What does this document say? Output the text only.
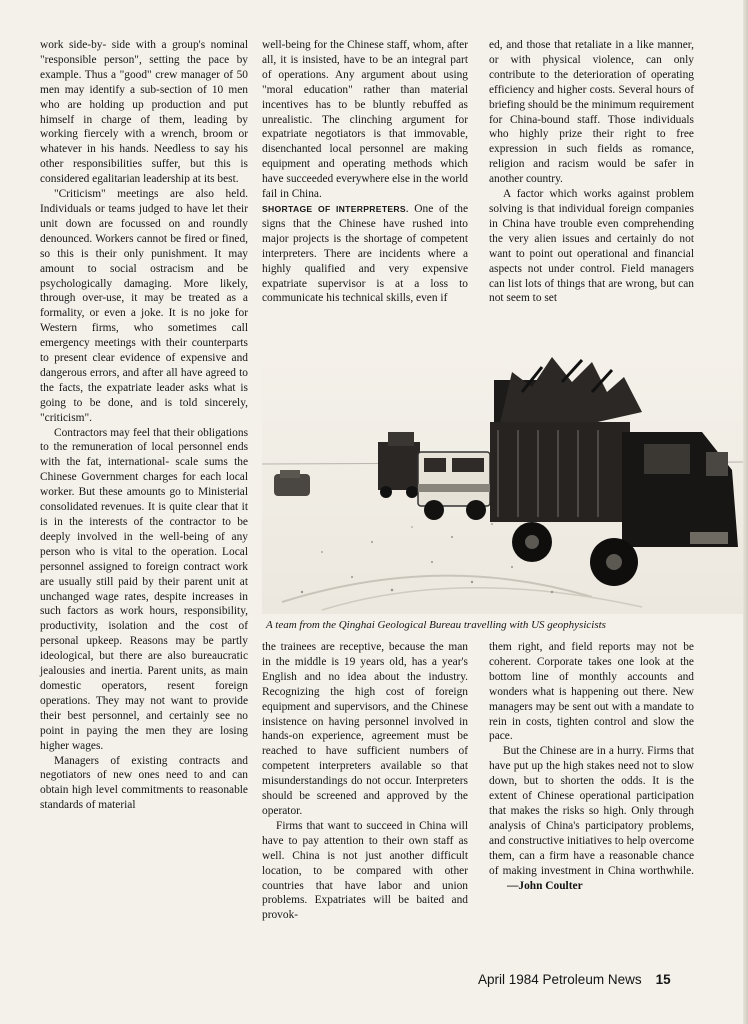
work side-by- side with a group's nominal "responsible person", setting the pace by example. Thus a "good" crew manager of 50 men may identify a sub-section of 10 men who are holding up production and put himself in charge of them, leading by working fiercely with a wrench, broom or whatever in his hands. Needless to say his other responsibilities suffer, but this is considered egalitarian leadership at its best.

"Criticism" meetings are also held. Individuals or teams judged to have let their unit down are focussed on and roundly denounced. Workers cannot be fired or fined, so this is their only punishment. It may amount to social ostracism and be psychologically damaging. More likely, through over-use, it may be treated as a formality, or even a joke. It is no joke for Western firms, who sometimes call emergency meetings with their counterparts to present clear evidence of expensive and dangerous errors, and after all have agreed to the facts, the expatriate leader asks what is going to be done, and is told sincerely, "criticism".

Contractors may feel that their obligations to the remuneration of local personnel ends with the fat, international- scale sums the Chinese Government charges for each local worker. But these amounts go to Ministerial consolidated revenues. It is quite clear that it is in the interests of the contractor to be deeply involved in the well-being of any person who is vital to the operation. Local personnel assigned to foreign contract work are usually still paid by their parent unit at unchanged wage rates, despite increases in such factors as work hours, responsibility, productivity, isolation and the cost of personal upkeep. Reasons may be partly ideological, but there are also bureaucratic jealousies and inertia. Parent units, as main domestic operators, resent foreign operations. They may not want to provide their best personnel, and certainly see no point in paying the men they are losing higher wages.

Managers of existing contracts and negotiators of new ones need to and can obtain high level commitments to reasonable standards of material

well-being for the Chinese staff, whom, after all, it is insisted, have to be an integral part of operations. Any argument about using "moral education" rather than material incentives has to be bluntly rebuffed as unrealistic. The clinching argument for expatriate negotiators is that immovable, disenchanted local personnel are making equipment and operating methods which have succeeded everywhere else in the world fail in China.

SHORTAGE OF INTERPRETERS. One of the signs that the Chinese have rushed into major projects is the shortage of competent interpreters. There are incidents where a highly qualified and very expensive expatriate supervisor is at a loss to communicate his technical skills, even if

ed, and those that retaliate in a like manner, or with physical violence, can only contribute to the deterioration of operating efficiency and higher costs. Several hours of briefing should be the minimum requirement for China-bound staff. Those individuals who highly prize their right to free expression in such fields as romance, religion and racism would be safer in another country.

A factor which works against problem solving is that individual foreign companies in China have trouble even comprehending the very alien issues and certainly do not want to point out operational and financial aspects not under control. Field managers can list lots of things that are wrong, but can not seem to set

A team from the Qinghai Geological Bureau travelling with US geophysicists

the trainees are receptive, because the man in the middle is 19 years old, has a year's English and no idea about the industry. Recognizing the high cost of foreign equipment and supervisors, and the Chinese insistence on having personnel involved in hands-on experience, agreement must be reached to have sufficient numbers of competent interpreters available so that misunderstandings do not occur. Interpreters should be screened and approved by the operator.

Firms that want to succeed in China will have to pay attention to their own staff as well. China is not just another difficult location, to be compared with other countries that have labor and union problems. Expatriates will be baited and provok-

them right, and field reports may not be coherent. Corporate takes one look at the bottom line of monthly accounts and wonders what is happening out there. New managers may be sent out with a mandate to rein in costs, tighten control and slow the pace.

But the Chinese are in a hurry. Firms that have put up the high stakes need not to slow down, but to shorten the odds. It is the extent of Chinese operational participation that makes the risks so high. Only through analysis of China's participatory problems, and constructive initiatives to help overcome them, can a firm have a reasonable chance of making investment in China worthwhile.—John Coulter

April 1984 Petroleum News 15
